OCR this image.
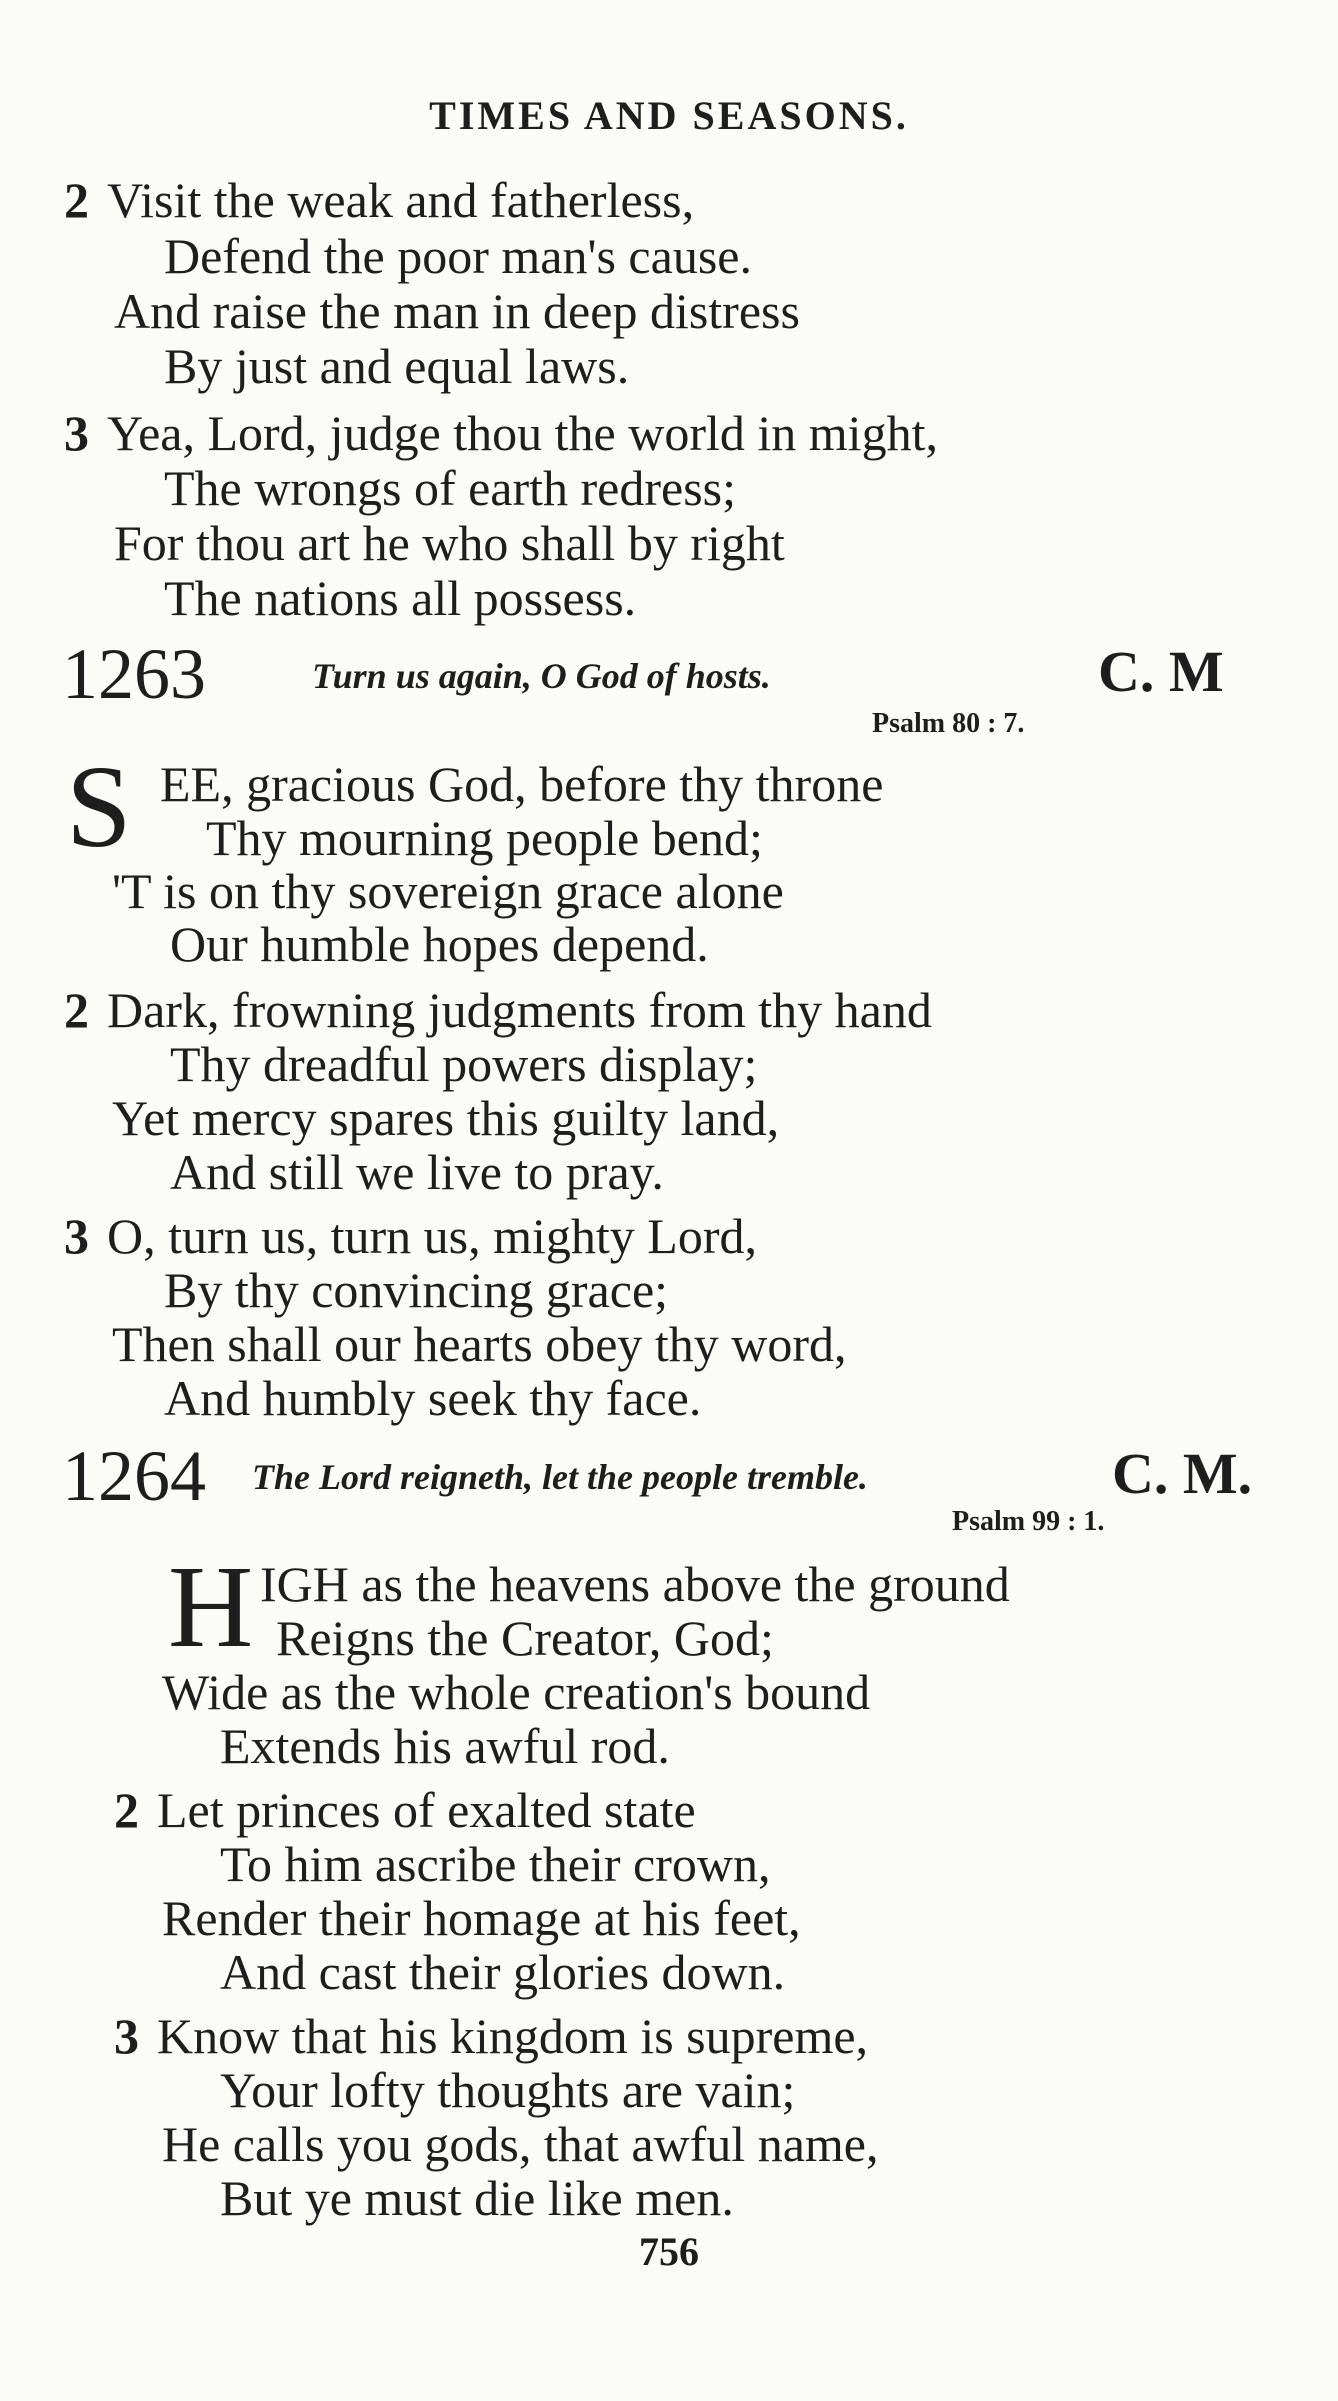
TIMES AND SEASONS.
2 Visit the weak and fatherless,
Defend the poor man's cause.
And raise the man in deep distress
By just and equal laws.
3 Yea, Lord, judge thou the world in might,
The wrongs of earth redress;
For thou art he who shall by right
The nations all possess.
1263	Turn us again, O God of hosts.	C. M
Psalm 80 : 7.
S EE, gracious God, before thy throne
Thy mourning people bend;
'T is on thy sovereign grace alone
Our humble hopes depend.
2 Dark, frowning judgments from thy hand
Thy dreadful powers display;
Yet mercy spares this guilty land,
And still we live to pray.
3 O, turn us, turn us, mighty Lord,
By thy convincing grace;
Then shall our hearts obey thy word,
And humbly seek thy face.
1264 The Lord reigneth, let the people tremble.	C. M.
Psalm 99 : 1.
H IGH as the heavens above the ground
Reigns the Creator, God;
Wide as the whole creation's bound
Extends his awful rod.
2 Let princes of exalted state
To him ascribe their crown,
Render their homage at his feet,
And cast their glories down.
3 Know that his kingdom is supreme,
Your lofty thoughts are vain;
He calls you gods, that awful name,
But ye must die like men.
756
